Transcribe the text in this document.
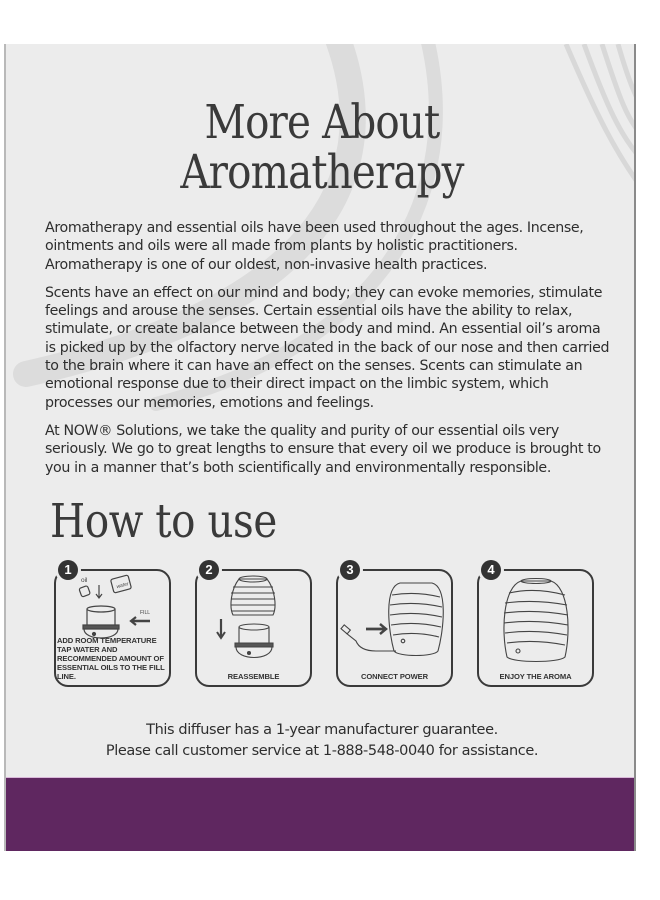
More About
Aromatherapy

Aromatherapy and essential oils have been used throughout the ages. Incense, ointments and oils were all made from plants by holistic practitioners. Aromatherapy is one of our oldest, non-invasive health practices.

Scents have an effect on our mind and body; they can evoke memories, stimulate feelings and arouse the senses. Certain essential oils have the ability to relax, stimulate, or create balance between the body and mind. An essential oil’s aroma is picked up by the olfactory nerve located in the back of our nose and then carried to the brain where it can have an effect on the senses. Scents can stimulate an emotional response due to their direct impact on the limbic system, which processes our memories, emotions and feelings.

At NOW® Solutions, we take the quality and purity of our essential oils very seriously. We go to great lengths to ensure that every oil we produce is brought to you in a manner that’s both scientifically and environmentally responsible.

How to use
oil
water
FILL
1
ADD ROOM TEMPERATURE TAP WATER AND RECOMMENDED AMOUNT OF ESSENTIAL OILS TO THE FILL LINE.
2
REASSEMBLE
3
CONNECT POWER
4
ENJOY THE AROMA
This diffuser has a 1-year manufacturer guarantee.
Please call customer service at 1-888-548-0040 for assistance.
